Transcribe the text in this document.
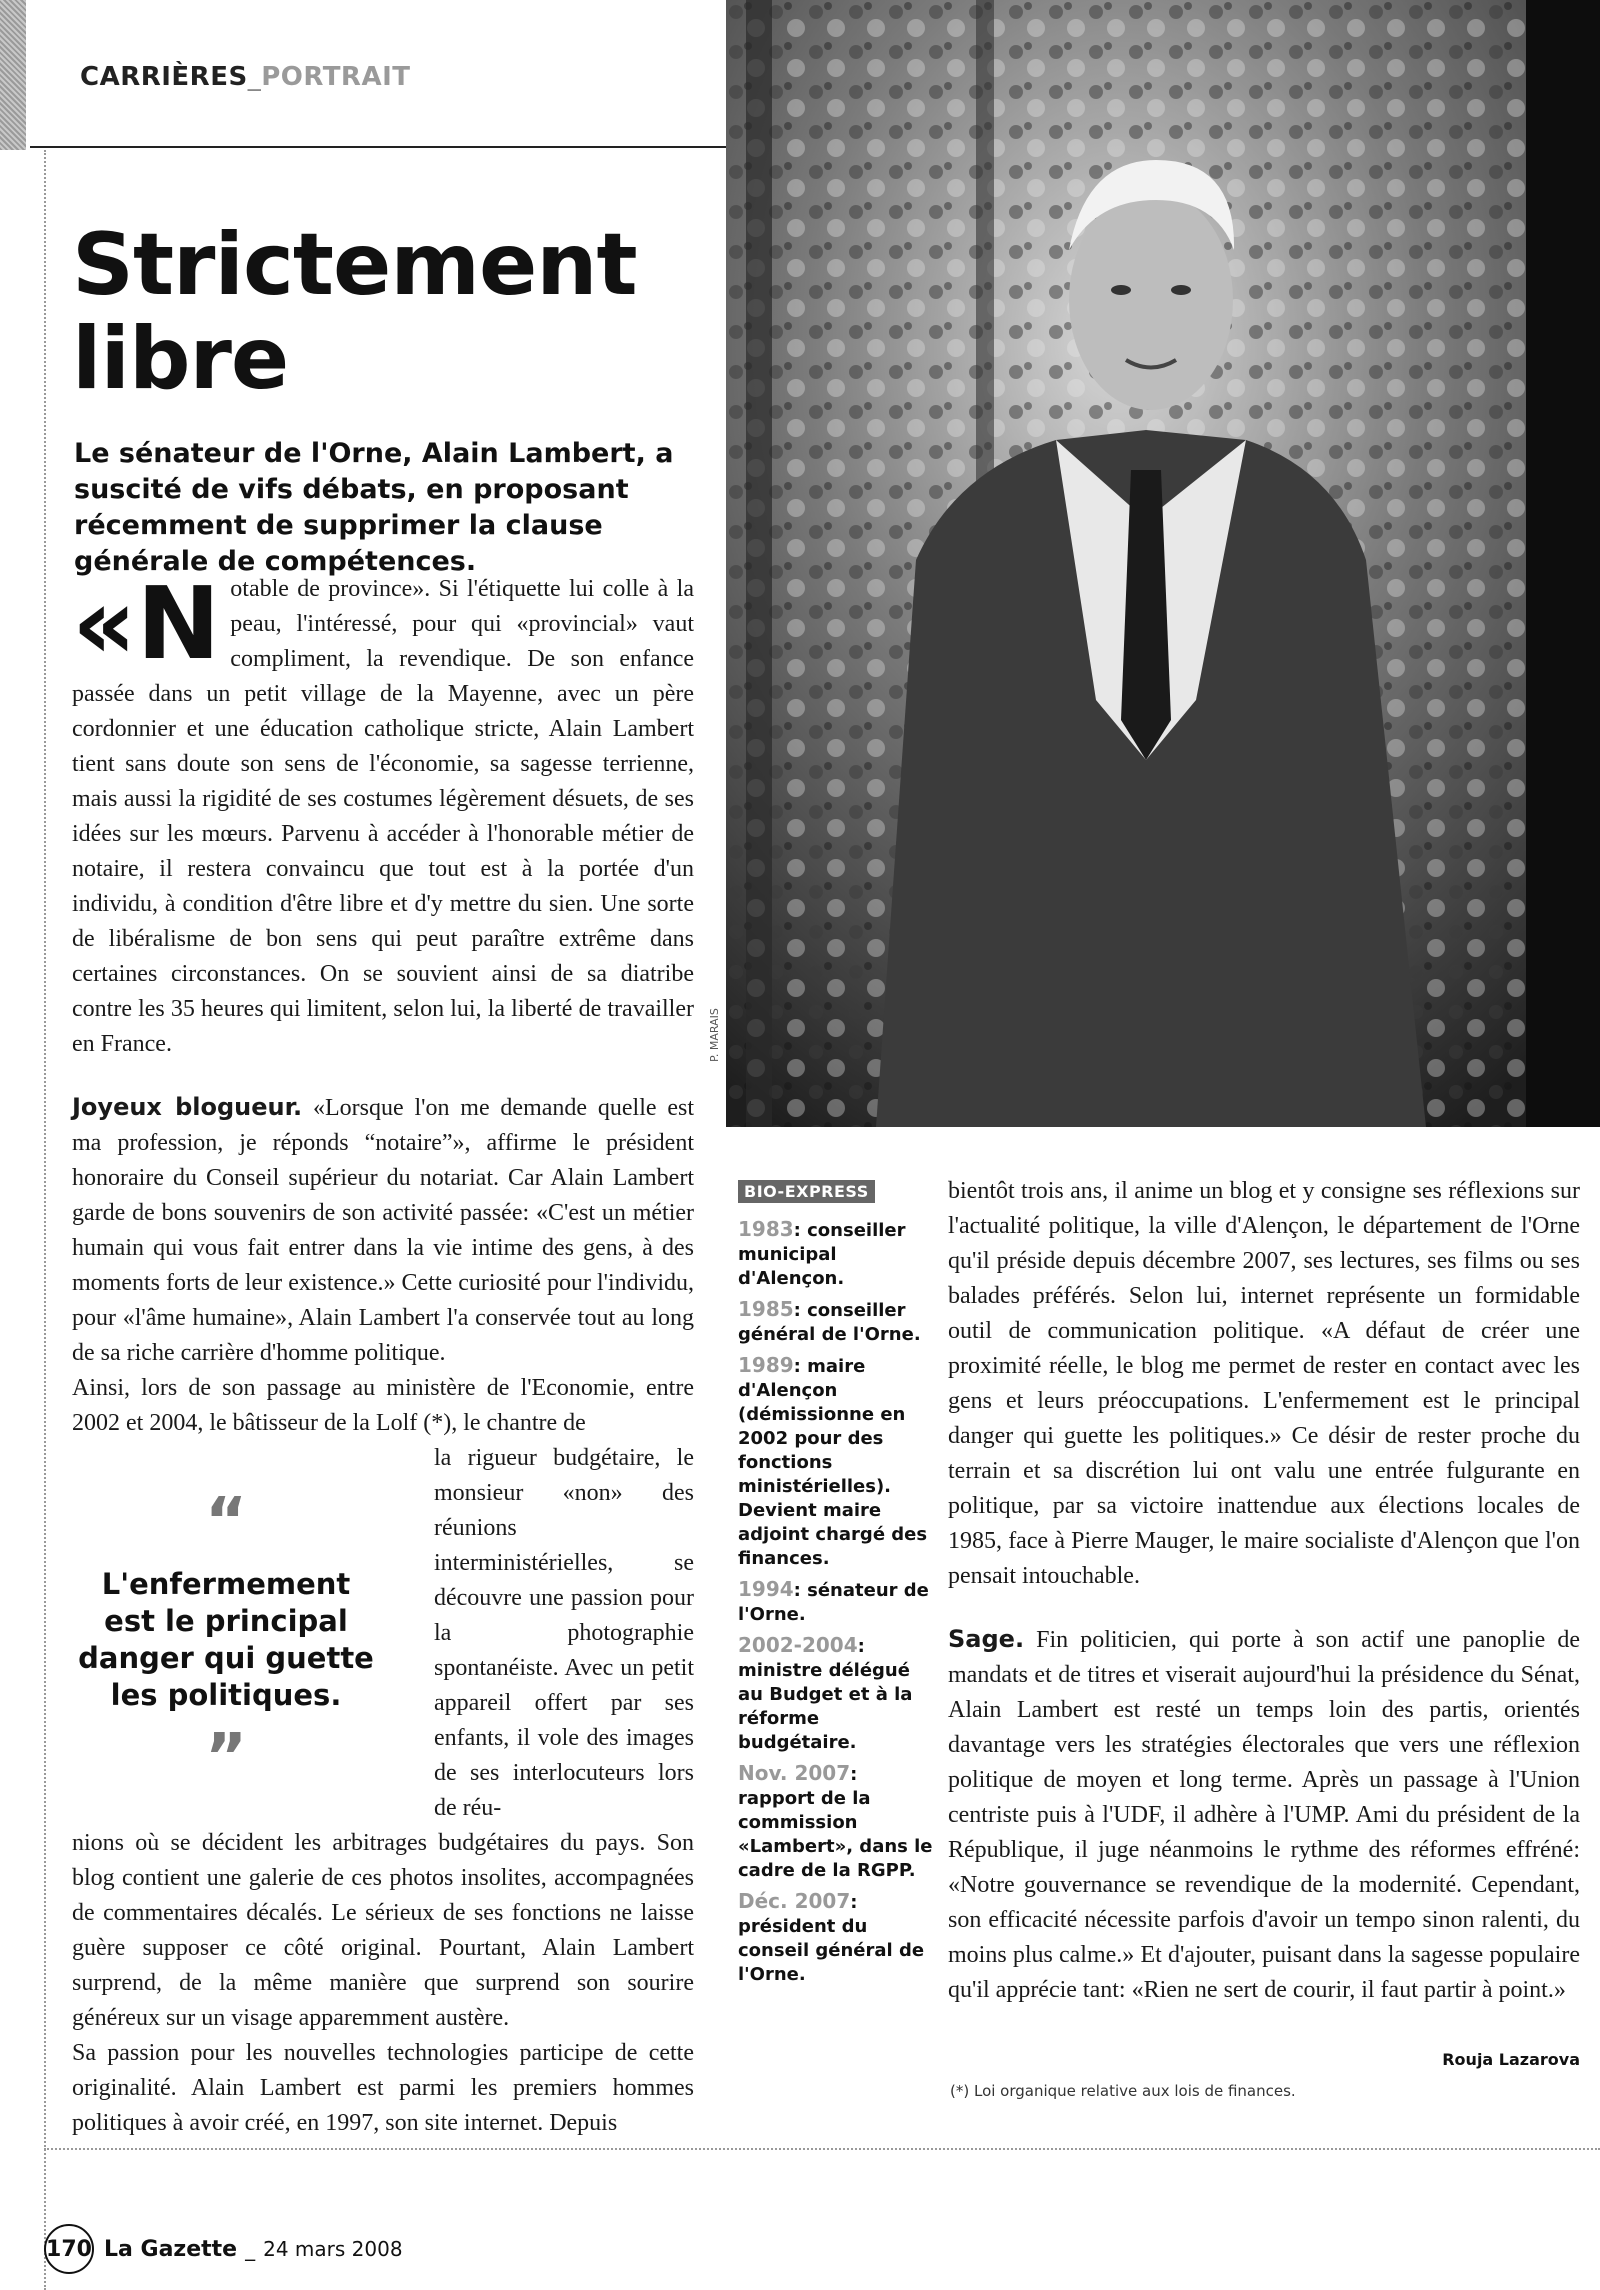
CARRIÈRES_PORTRAIT
Strictement
libre
Le sénateur de l'Orne, Alain Lambert, a suscité de vifs débats, en proposant récemment de supprimer la clause générale de compétences.
P. MARAIS

«N otable de province». Si l'étiquette lui colle à la peau, l'intéressé, pour qui «provincial» vaut compliment, la revendique. De son enfance passée dans un petit village de la Mayenne, avec un père cordonnier et une éducation catholique stricte, Alain Lambert tient sans doute son sens de l'économie, sa sagesse terrienne, mais aussi la rigidité de ses costumes légèrement désuets, de ses idées sur les mœurs. Parvenu à accéder à l'honorable métier de notaire, il restera convaincu que tout est à la portée d'un individu, à condition d'être libre et d'y mettre du sien. Une sorte de libéralisme de bon sens qui peut paraître extrême dans certaines circonstances. On se souvient ainsi de sa diatribe contre les 35 heures qui limitent, selon lui, la liberté de travailler en France.

Joyeux blogueur. «Lorsque l'on me demande quelle est ma profession, je réponds “notaire”», affirme le président honoraire du Conseil supérieur du notariat. Car Alain Lambert garde de bons souvenirs de son activité passée: «C'est un métier humain qui vous fait entrer dans la vie intime des gens, à des moments forts de leur existence.» Cette curiosité pour l'individu, pour «l'âme humaine», Alain Lambert l'a conservée tout au long de sa riche carrière d'homme politique.

Ainsi, lors de son passage au ministère de l'Economie, entre 2002 et 2004, le bâtisseur de la Lolf (*), le chantre de

la rigueur budgétaire, le monsieur «non» des réunions interministérielles, se découvre une passion pour la photographie spontanéiste. Avec un petit appareil offert par ses enfants, il vole des images de ses interlocuteurs lors de réu-

nions où se décident les arbitrages budgétaires du pays. Son blog contient une galerie de ces photos insolites, accompagnées de commentaires décalés. Le sérieux de ses fonctions ne laisse guère supposer ce côté original. Pourtant, Alain Lambert surprend, de la même manière que surprend son sourire généreux sur un visage apparemment austère.

Sa passion pour les nouvelles technologies participe de cette originalité. Alain Lambert est parmi les premiers hommes politiques à avoir créé, en 1997, son site internet. Depuis

“
L'enfermement est le principal danger qui guette les politiques.
”
BIO-EXPRESS
1983: conseiller municipal d'Alençon.
1985: conseiller général de l'Orne.
1989: maire d'Alençon (démissionne en 2002 pour des fonctions ministérielles). Devient maire adjoint chargé des finances.
1994: sénateur de l'Orne.
2002-2004: ministre délégué au Budget et à la réforme budgétaire.
Nov. 2007: rapport de la commission «Lambert», dans le cadre de la RGPP.
Déc. 2007: président du conseil général de l'Orne.

bientôt trois ans, il anime un blog et y consigne ses réflexions sur l'actualité politique, la ville d'Alençon, le département de l'Orne qu'il préside depuis décembre 2007, ses lectures, ses films ou ses balades préférés. Selon lui, internet représente un formidable outil de communication politique. «A défaut de créer une proximité réelle, le blog me permet de rester en contact avec les gens et leurs préoccupations. L'enfermement est le principal danger qui guette les politiques.» Ce désir de rester proche du terrain et sa discrétion lui ont valu une entrée fulgurante en politique, par sa victoire inattendue aux élections locales de 1985, face à Pierre Mauger, le maire socialiste d'Alençon que l'on pensait intouchable.

Sage. Fin politicien, qui porte à son actif une panoplie de mandats et de titres et viserait aujourd'hui la présidence du Sénat, Alain Lambert est resté un temps loin des partis, orientés davantage vers les stratégies électorales que vers une réflexion politique de moyen et long terme. Après un passage à l'Union centriste puis à l'UDF, il adhère à l'UMP. Ami du président de la République, il juge néanmoins le rythme des réformes effréné: «Notre gouvernance se revendique de la modernité. Cependant, son efficacité nécessite parfois d'avoir un tempo sinon ralenti, du moins plus calme.» Et d'ajouter, puisant dans la sagesse populaire qu'il apprécie tant: «Rien ne sert de courir, il faut partir à point.»

Rouja Lazarova
(*) Loi organique relative aux lois de finances.
170 La Gazette _ 24 mars 2008
